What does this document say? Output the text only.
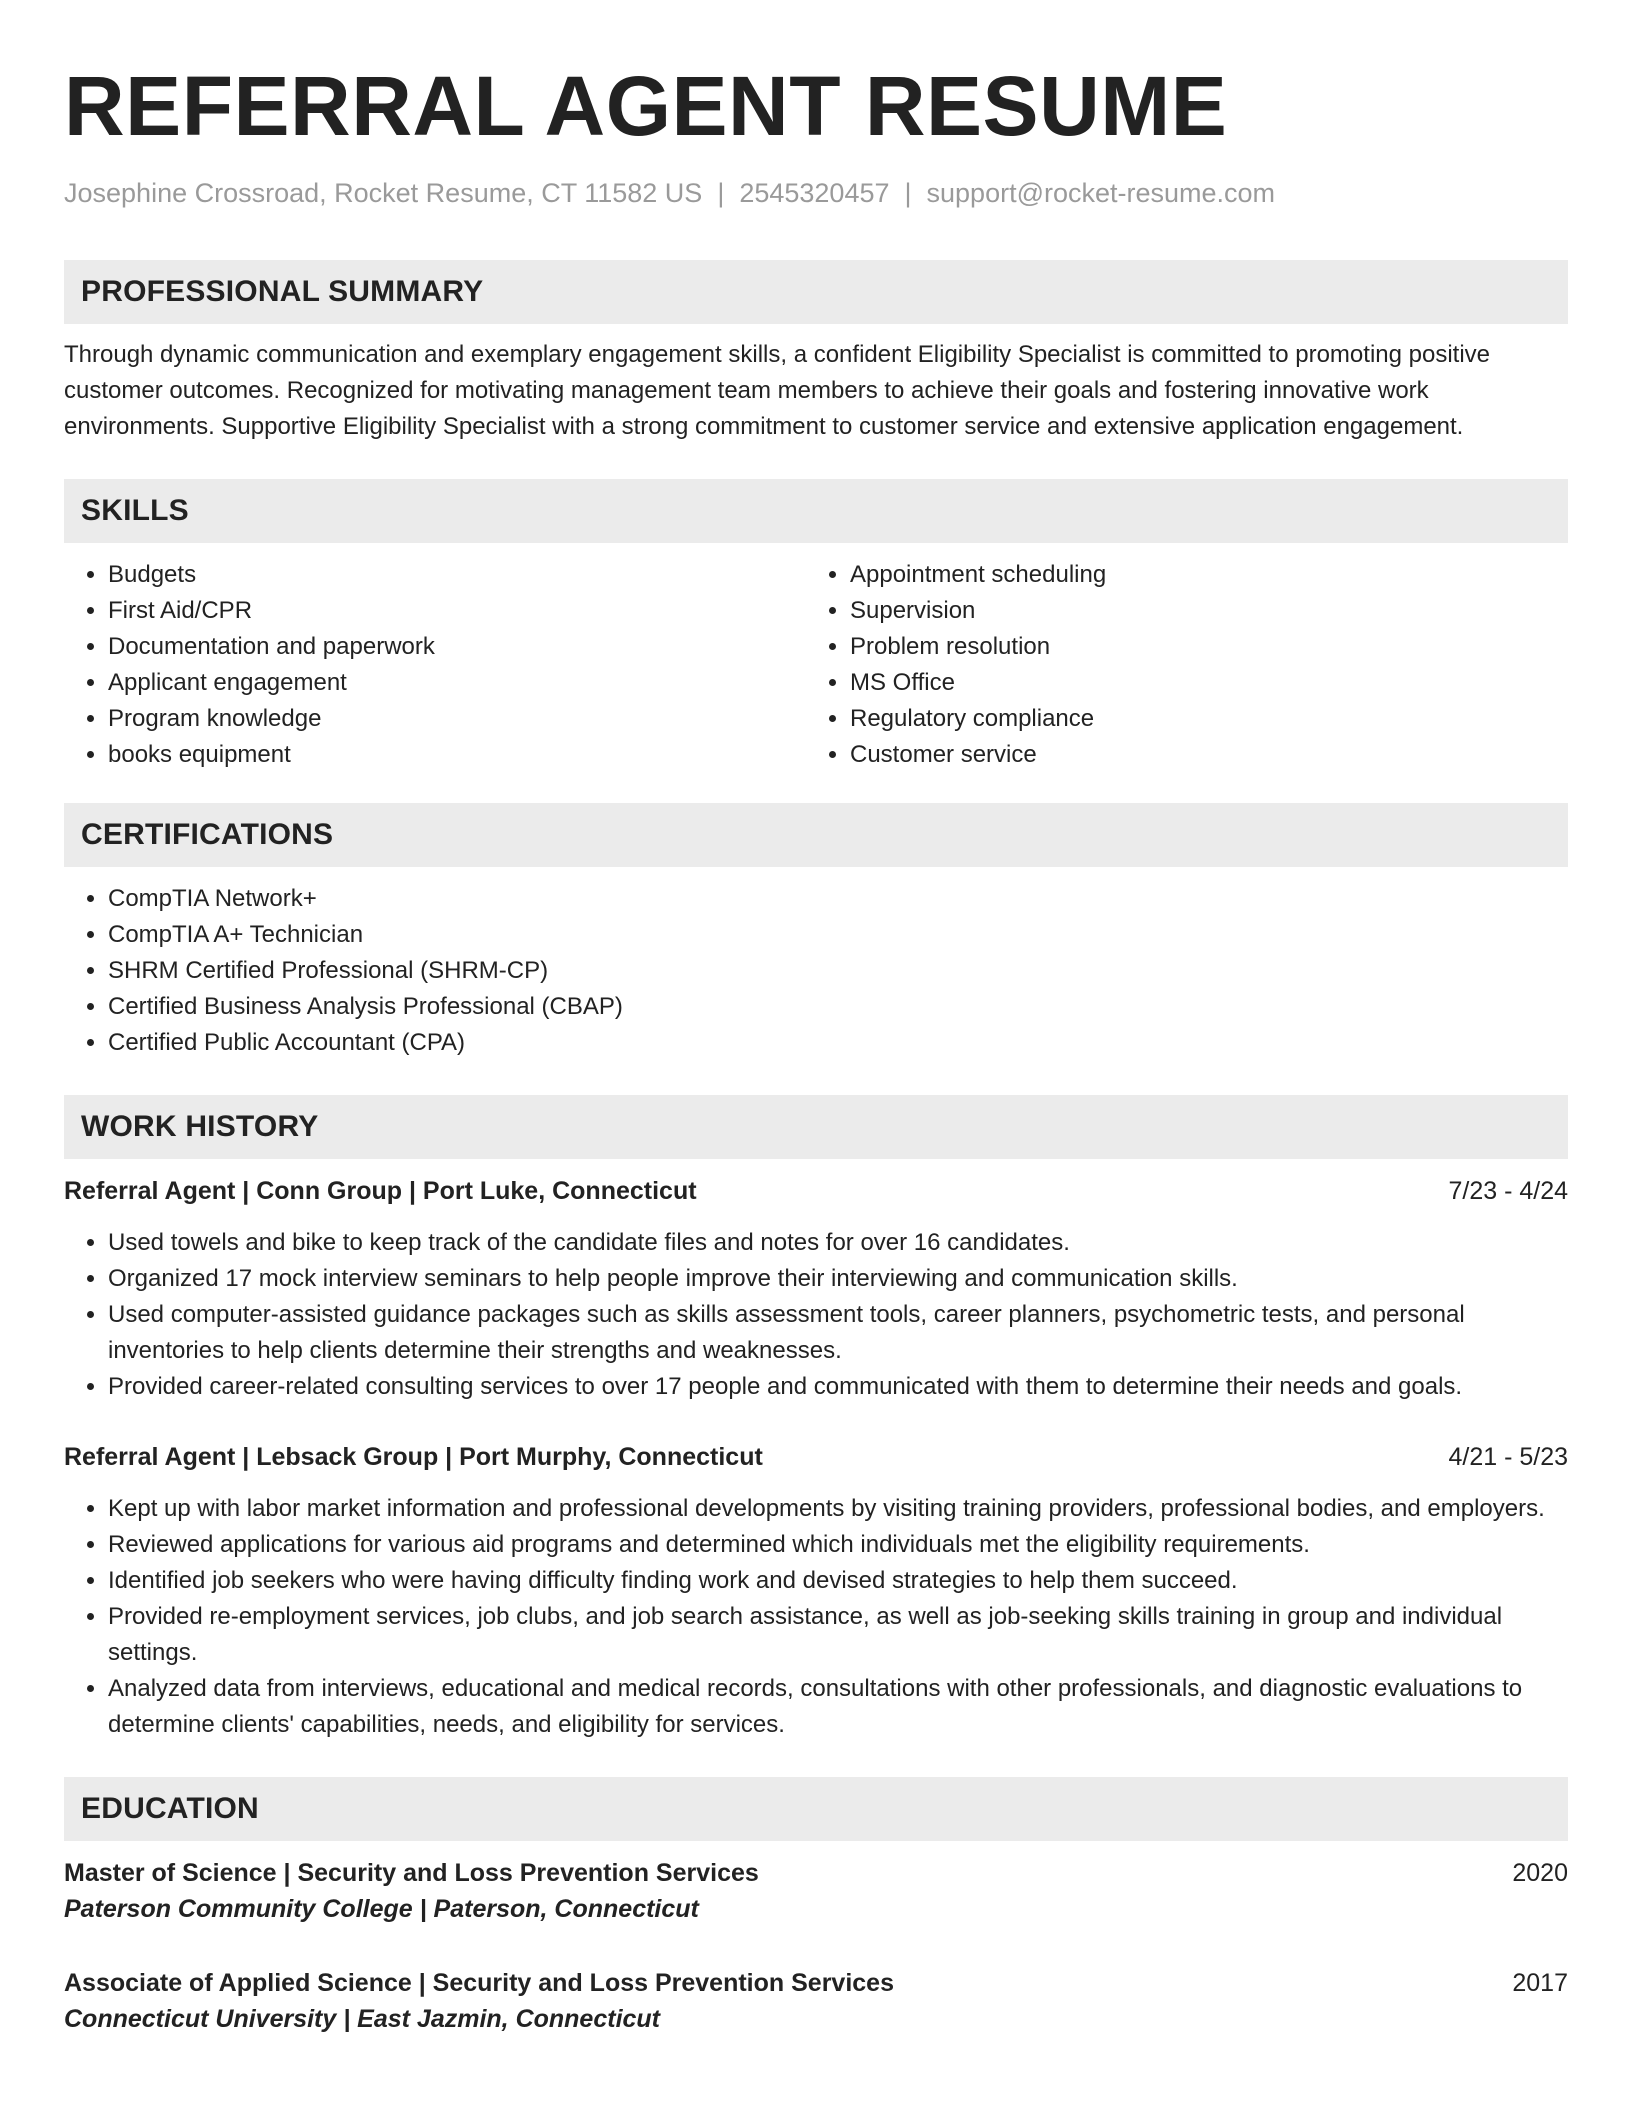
REFERRAL AGENT RESUME
Josephine Crossroad, Rocket Resume, CT 11582 US | 2545320457 | support@rocket-resume.com
PROFESSIONAL SUMMARY

Through dynamic communication and exemplary engagement skills, a confident Eligibility Specialist is committed to promoting positive customer outcomes. Recognized for motivating management team members to achieve their goals and fostering innovative work environments. Supportive Eligibility Specialist with a strong commitment to customer service and extensive application engagement.

SKILLS
• Budgets
• First Aid/CPR
• Documentation and paperwork
• Applicant engagement
• Program knowledge
• books equipment
• Appointment scheduling
• Supervision
• Problem resolution
• MS Office
• Regulatory compliance
• Customer service
CERTIFICATIONS
• CompTIA Network+
• CompTIA A+ Technician
• SHRM Certified Professional (SHRM-CP)
• Certified Business Analysis Professional (CBAP)
• Certified Public Accountant (CPA)
WORK HISTORY
Referral Agent | Conn Group | Port Luke, Connecticut	7/23 - 4/24
• Used towels and bike to keep track of the candidate files and notes for over 16 candidates.
• Organized 17 mock interview seminars to help people improve their interviewing and communication skills.
• Used computer-assisted guidance packages such as skills assessment tools, career planners, psychometric tests, and personal inventories to help clients determine their strengths and weaknesses.
• Provided career-related consulting services to over 17 people and communicated with them to determine their needs and goals.
Referral Agent | Lebsack Group | Port Murphy, Connecticut	4/21 - 5/23
• Kept up with labor market information and professional developments by visiting training providers, professional bodies, and employers.
• Reviewed applications for various aid programs and determined which individuals met the eligibility requirements.
• Identified job seekers who were having difficulty finding work and devised strategies to help them succeed.
• Provided re-employment services, job clubs, and job search assistance, as well as job-seeking skills training in group and individual settings.
• Analyzed data from interviews, educational and medical records, consultations with other professionals, and diagnostic evaluations to determine clients' capabilities, needs, and eligibility for services.
EDUCATION
Master of Science | Security and Loss Prevention Services	2020
Paterson Community College | Paterson, Connecticut
Associate of Applied Science | Security and Loss Prevention Services	2017
Connecticut University | East Jazmin, Connecticut
